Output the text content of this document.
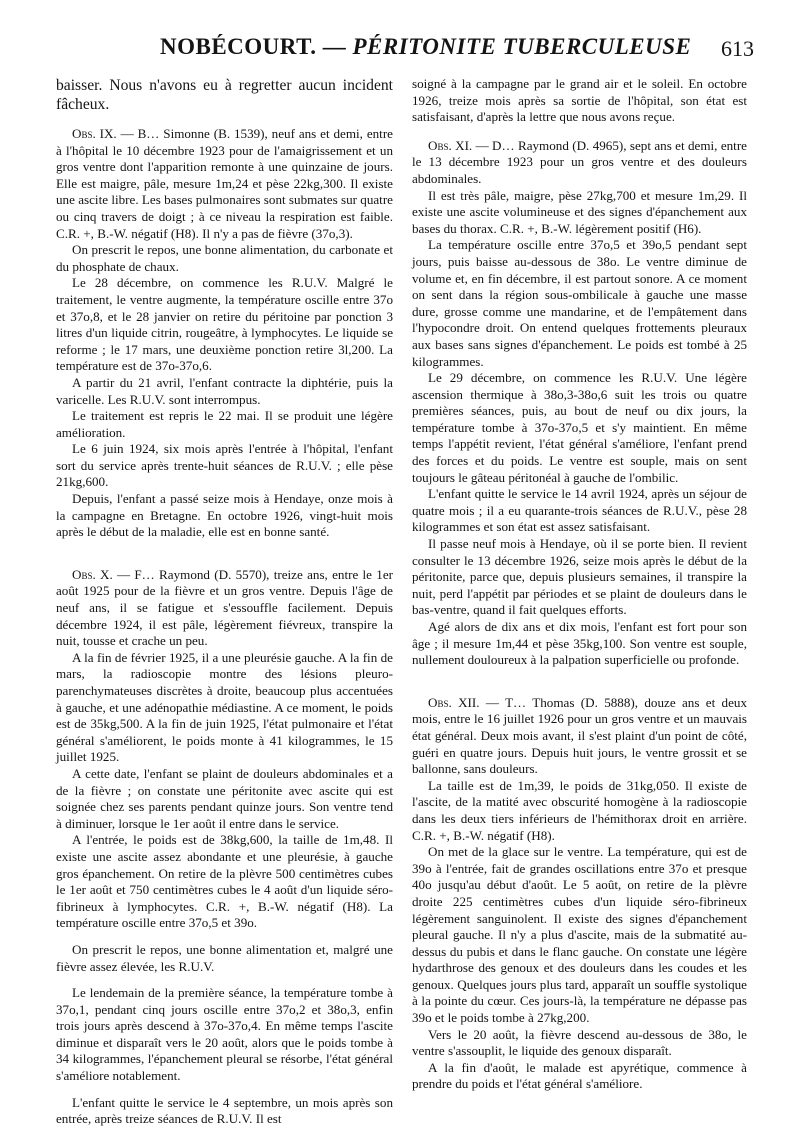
NOBÉCOURT. — PÉRITONITE TUBERCULEUSE 613

baisser. Nous n'avons eu à regretter aucun incident fâcheux.

Obs. IX. — B… Simonne (B. 1539), neuf ans et demi, entre à l'hôpital le 10 décembre 1923 pour de l'amaigrissement et un gros ventre dont l'apparition remonte à une quinzaine de jours. Elle est maigre, pâle, mesure 1m,24 et pèse 22kg,300. Il existe une ascite libre. Les bases pulmonaires sont submates sur quatre ou cinq travers de doigt ; à ce niveau la respiration est faible. C.R. +, B.-W. négatif (H8). Il n'y a pas de fièvre (37o,3).

On prescrit le repos, une bonne alimentation, du carbonate et du phosphate de chaux.

Le 28 décembre, on commence les R.U.V. Malgré le traitement, le ventre augmente, la température oscille entre 37o et 37o,8, et le 28 janvier on retire du péritoine par ponction 3 litres d'un liquide citrin, rougeâtre, à lymphocytes. Le liquide se reforme ; le 17 mars, une deuxième ponction retire 3l,200. La température est de 37o-37o,6.

A partir du 21 avril, l'enfant contracte la diphtérie, puis la varicelle. Les R.U.V. sont interrompus.

Le traitement est repris le 22 mai. Il se produit une légère amélioration.

Le 6 juin 1924, six mois après l'entrée à l'hôpital, l'enfant sort du service après trente-huit séances de R.U.V. ; elle pèse 21kg,600.

Depuis, l'enfant a passé seize mois à Hendaye, onze mois à la campagne en Bretagne. En octobre 1926, vingt-huit mois après le début de la maladie, elle est en bonne santé.

Obs. X. — F… Raymond (D. 5570), treize ans, entre le 1er août 1925 pour de la fièvre et un gros ventre. Depuis l'âge de neuf ans, il se fatigue et s'essouffle facilement. Depuis décembre 1924, il est pâle, légèrement fiévreux, transpire la nuit, tousse et crache un peu.

A la fin de février 1925, il a une pleurésie gauche. A la fin de mars, la radioscopie montre des lésions pleuro-parenchymateuses discrètes à droite, beaucoup plus accentuées à gauche, et une adénopathie médiastine. A ce moment, le poids est de 35kg,500. A la fin de juin 1925, l'état pulmonaire et l'état général s'améliorent, le poids monte à 41 kilogrammes, le 15 juillet 1925.

A cette date, l'enfant se plaint de douleurs abdominales et a de la fièvre ; on constate une péritonite avec ascite qui est soignée chez ses parents pendant quinze jours. Son ventre tend à diminuer, lorsque le 1er août il entre dans le service.

A l'entrée, le poids est de 38kg,600, la taille de 1m,48. Il existe une ascite assez abondante et une pleurésie, à gauche gros épanchement. On retire de la plèvre 500 centimètres cubes le 1er août et 750 centimètres cubes le 4 août d'un liquide séro-fibrineux à lymphocytes. C.R. +, B.-W. négatif (H8). La température oscille entre 37o,5 et 39o.

On prescrit le repos, une bonne alimentation et, malgré une fièvre assez élevée, les R.U.V.

Le lendemain de la première séance, la température tombe à 37o,1, pendant cinq jours oscille entre 37o,2 et 38o,3, enfin trois jours après descend à 37o-37o,4. En même temps l'ascite diminue et disparaît vers le 20 août, alors que le poids tombe à 34 kilogrammes, l'épanchement pleural se résorbe, l'état général s'améliore notablement.

L'enfant quitte le service le 4 septembre, un mois après son entrée, après treize séances de R.U.V. Il est

soigné à la campagne par le grand air et le soleil. En octobre 1926, treize mois après sa sortie de l'hôpital, son état est satisfaisant, d'après la lettre que nous avons reçue.

Obs. XI. — D… Raymond (D. 4965), sept ans et demi, entre le 13 décembre 1923 pour un gros ventre et des douleurs abdominales.

Il est très pâle, maigre, pèse 27kg,700 et mesure 1m,29. Il existe une ascite volumineuse et des signes d'épanchement aux bases du thorax. C.R. +, B.-W. légèrement positif (H6).

La température oscille entre 37o,5 et 39o,5 pendant sept jours, puis baisse au-dessous de 38o. Le ventre diminue de volume et, en fin décembre, il est partout sonore. A ce moment on sent dans la région sous-ombilicale à gauche une masse dure, grosse comme une mandarine, et de l'empâtement dans l'hypocondre droit. On entend quelques frottements pleuraux aux bases sans signes d'épanchement. Le poids est tombé à 25 kilogrammes.

Le 29 décembre, on commence les R.U.V. Une légère ascension thermique à 38o,3-38o,6 suit les trois ou quatre premières séances, puis, au bout de neuf ou dix jours, la température tombe à 37o-37o,5 et s'y maintient. En même temps l'appétit revient, l'état général s'améliore, l'enfant prend des forces et du poids. Le ventre est souple, mais on sent toujours le gâteau péritonéal à gauche de l'ombilic.

L'enfant quitte le service le 14 avril 1924, après un séjour de quatre mois ; il a eu quarante-trois séances de R.U.V., pèse 28 kilogrammes et son état est assez satisfaisant.

Il passe neuf mois à Hendaye, où il se porte bien. Il revient consulter le 13 décembre 1926, seize mois après le début de la péritonite, parce que, depuis plusieurs semaines, il transpire la nuit, perd l'appétit par périodes et se plaint de douleurs dans le bas-ventre, quand il fait quelques efforts.

Agé alors de dix ans et dix mois, l'enfant est fort pour son âge ; il mesure 1m,44 et pèse 35kg,100. Son ventre est souple, nullement douloureux à la palpation superficielle ou profonde.

Obs. XII. — T… Thomas (D. 5888), douze ans et deux mois, entre le 16 juillet 1926 pour un gros ventre et un mauvais état général. Deux mois avant, il s'est plaint d'un point de côté, guéri en quatre jours. Depuis huit jours, le ventre grossit et se ballonne, sans douleurs.

La taille est de 1m,39, le poids de 31kg,050. Il existe de l'ascite, de la matité avec obscurité homogène à la radioscopie dans les deux tiers inférieurs de l'hémithorax droit en arrière. C.R. +, B.-W. négatif (H8).

On met de la glace sur le ventre. La température, qui est de 39o à l'entrée, fait de grandes oscillations entre 37o et presque 40o jusqu'au début d'août. Le 5 août, on retire de la plèvre droite 225 centimètres cubes d'un liquide séro-fibrineux légèrement sanguinolent. Il existe des signes d'épanchement pleural gauche. Il n'y a plus d'ascite, mais de la submatité au-dessus du pubis et dans le flanc gauche. On constate une légère hydarthrose des genoux et des douleurs dans les coudes et les genoux. Quelques jours plus tard, apparaît un souffle systolique à la pointe du cœur. Ces jours-là, la température ne dépasse pas 39o et le poids tombe à 27kg,200.

Vers le 20 août, la fièvre descend au-dessous de 38o, le ventre s'assouplit, le liquide des genoux disparaît.

A la fin d'août, le malade est apyrétique, commence à prendre du poids et l'état général s'améliore.
